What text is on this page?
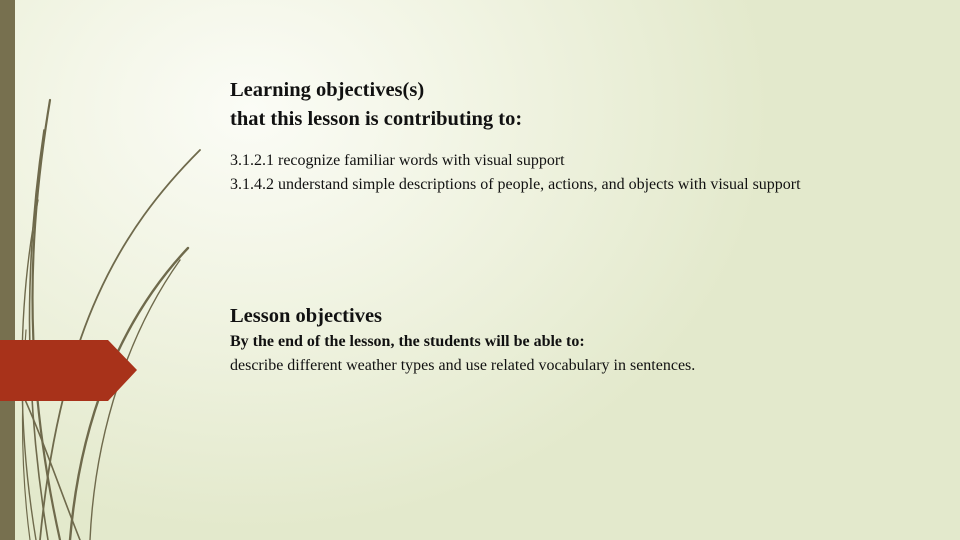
Learning objectives(s)
that this lesson is contributing to:
3.1.2.1 recognize familiar words with visual support
3.1.4.2 understand simple descriptions of people, actions, and objects with visual support
Lesson objectives
By the end of the lesson, the students will be able to:
describe different weather types and use related vocabulary in sentences.
